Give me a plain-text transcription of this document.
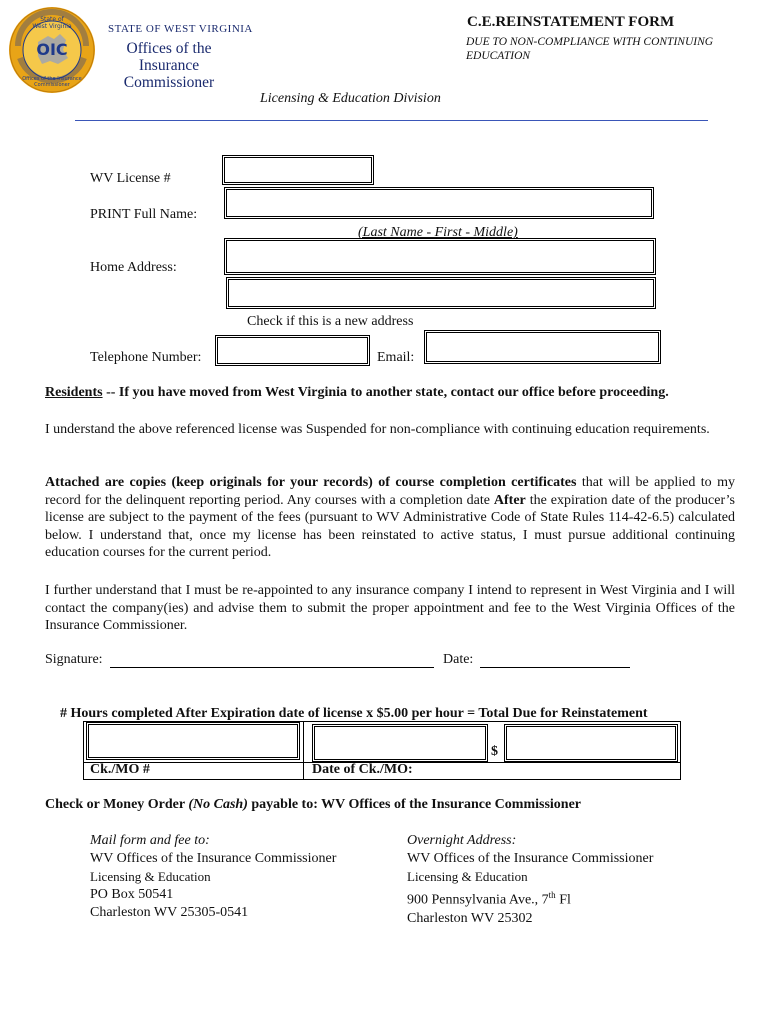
OIC
State of West Virginia
Offices of the Insurance Commissioner
STATE OF WEST VIRGINIA
Offices of the Insurance
Commissioner
C.E.REINSTATEMENT FORM
DUE TO NON-COMPLIANCE WITH CONTINUING
EDUCATION
Licensing & Education Division
WV License #
PRINT Full Name:
(Last Name - First - Middle)
Home Address:
Check if this is a new address
Telephone Number:	Email:
Residents -- If you have moved from West Virginia to another state, contact our office before proceeding.
I understand the above referenced license was Suspended for non-compliance with continuing education requirements.
Attached are copies (keep originals for your records) of course completion certificates that will be applied to my record for the delinquent reporting period. Any courses with a completion date After the expiration date of the producer’s license are subject to the payment of the fees (pursuant to WV Administrative Code of State Rules 114-42-6.5) calculated below. I understand that, once my license has been reinstated to active status, I must pursue additional continuing education courses for the current period.
I further understand that I must be re-appointed to any insurance company I intend to represent in West Virginia and I will contact the company(ies) and advise them to submit the proper appointment and fee to the West Virginia Offices of the Insurance Commissioner.
Signature:	Date:
# Hours completed After Expiration date of license x $5.00 per hour = Total Due for Reinstatement
$
Ck./MO #	Date of Ck./MO:
Check or Money Order (No Cash) payable to: WV Offices of the Insurance Commissioner
Mail form and fee to:
WV Offices of the Insurance Commissioner
Licensing & Education
PO Box 50541
Charleston WV 25305-0541
Overnight Address:
WV Offices of the Insurance Commissioner
Licensing & Education
900 Pennsylvania Ave., 7th Fl
Charleston WV 25302
